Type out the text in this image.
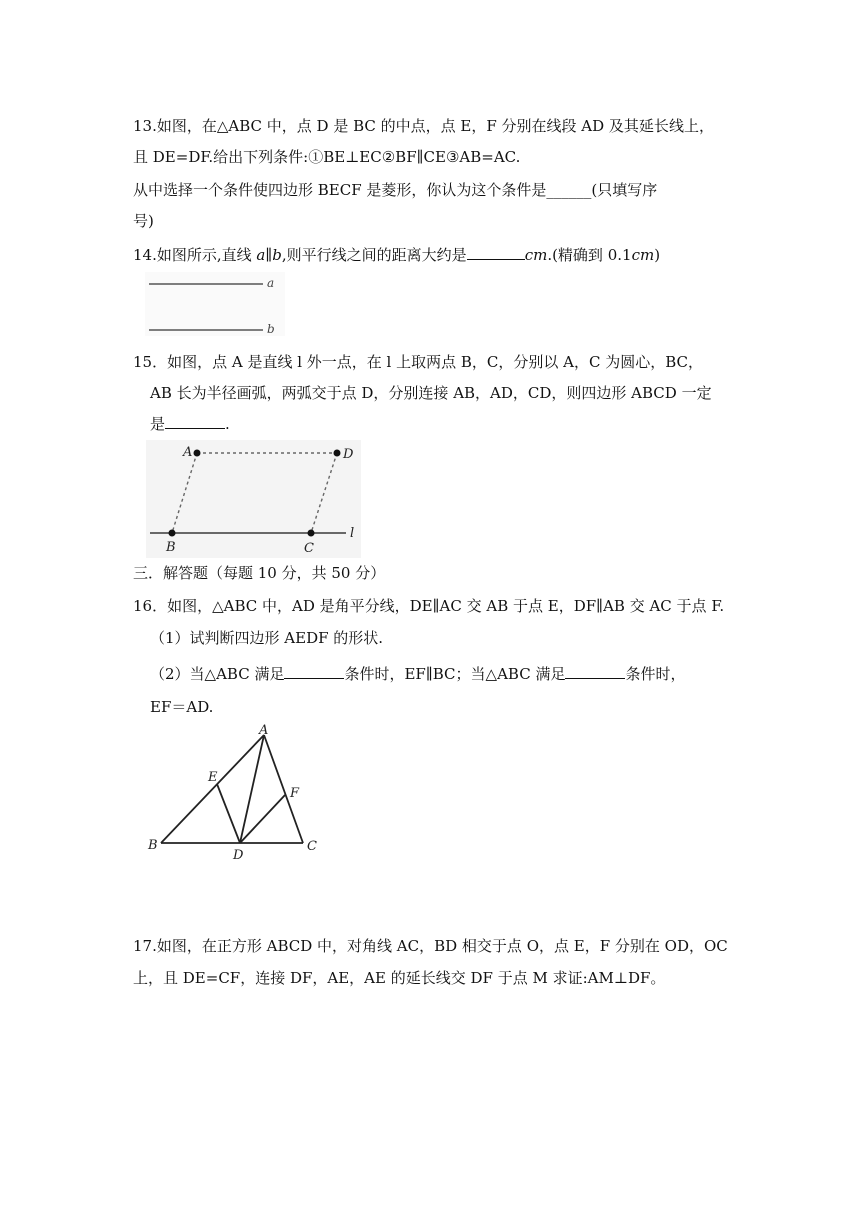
13.如图，在△ABC 中，点 D 是 BC 的中点，点 E，F 分别在线段 AD 及其延长线上，
且 DE=DF.给出下列条件:①BE⊥EC②BF∥CE③AB=AC.
从中选择一个条件使四边形 BECF 是菱形，你认为这个条件是______(只填写序
号)
14.如图所示,直线 a∥b,则平行线之间的距离大约是	cm.(精确到 0.1cm)
a
b
15．如图，点 A 是直线 l 外一点，在 l 上取两点 B，C，分别以 A，C 为圆心，BC，
AB 长为半径画弧，两弧交于点 D，分别连接 AB，AD，CD，则四边形 ABCD 一定
是	.
A	D
B	C
l
三．解答题（每题 10 分，共 50 分）
16．如图，△ABC 中，AD 是角平分线，DE∥AC 交 AB 于点 E，DF∥AB 交 AC 于点 F.
（1）试判断四边形 AEDF 的形状.
（2）当△ABC 满足	条件时，EF∥BC；当△ABC 满足	条件时，
EF＝AD.
A
E
F
B
D
C
17.如图，在正方形 ABCD 中，对角线 AC，BD 相交于点 O，点 E，F 分别在 OD，OC
上，且 DE=CF，连接 DF，AE，AE 的延长线交 DF 于点 M 求证:AM⊥DF。
